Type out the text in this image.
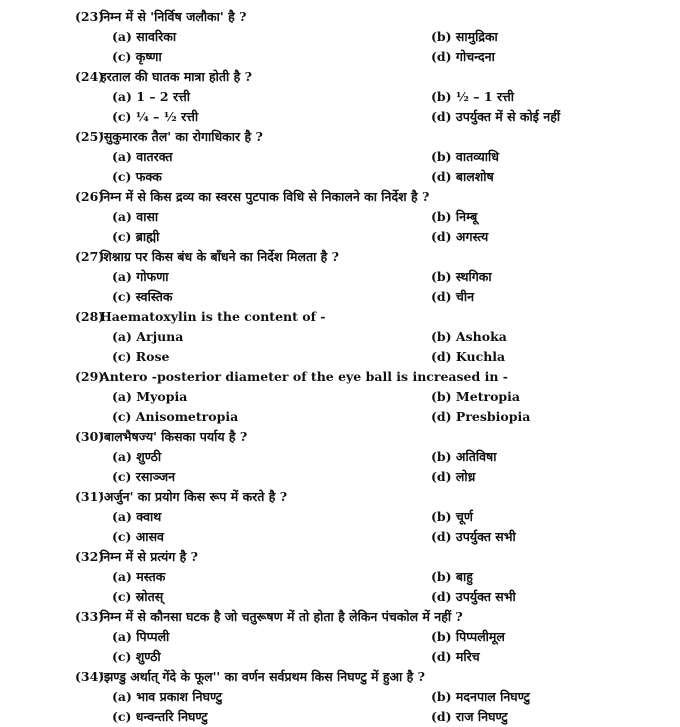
(23)
निम्न में से 'निर्विष जलौका' है ?
(a) सावरिका	(b) सामुद्रिका
(c) कृष्णा	(d) गोचन्दना
(24)
हरताल की घातक मात्रा होती है ?
(a) 1 – 2 रत्ती	(b) ½ – 1 रत्ती
(c) ¼ – ½ रत्ती	(d) उपर्युक्त में से कोई नहीं
(25)
'सुकुमारक तैल' का रोगाधिकार है ?
(a) वातरक्त	(b) वातव्याधि
(c) फक्क	(d) बालशोष
(26)
निम्न में से किस द्रव्य का स्वरस पुटपाक विधि से निकालने का निर्देश है ?
(a) वासा	(b) निम्बू
(c) ब्राह्मी	(d) अगस्त्य
(27)
शिश्नाग्र पर किस बंध के बाँधने का निर्देश मिलता है ?
(a) गोफणा	(b) स्थगिका
(c) स्वस्तिक	(d) चीन
(28)
Haematoxylin is the content of -
(a) Arjuna	(b) Ashoka
(c) Rose	(d) Kuchla
(29)
Antero -posterior diameter of the eye ball is increased in -
(a) Myopia	(b) Metropia
(c) Anisometropia	(d) Presbiopia
(30)
'बालभैषज्य' किसका पर्याय है ?
(a) शुण्ठी	(b) अतिविषा
(c) रसाञ्जन	(d) लोध्र
(31)
'अर्जुन' का प्रयोग किस रूप में करते है ?
(a) क्वाथ	(b) चूर्ण
(c) आसव	(d) उपर्युक्त सभी
(32)
निम्न में से प्रत्यंग है ?
(a) मस्तक	(b) बाहु
(c) स्रोतस्	(d) उपर्युक्त सभी
(33)
निम्न में से कौनसा घटक है जो चतुरूषण में तो होता है लेकिन पंचकोल में नहीं ?
(a) पिप्पली	(b) पिप्पलीमूल
(c) शुण्ठी	(d) मरिच
(34)
'झण्डु अर्थात् गेंदे के फूल'' का वर्णन सर्वप्रथम किस निघण्टु में हुआ है ?
(a) भाव प्रकाश निघण्टु	(b) मदनपाल निघण्टु
(c) धन्वन्तरि निघण्टु	(d) राज निघण्टु
